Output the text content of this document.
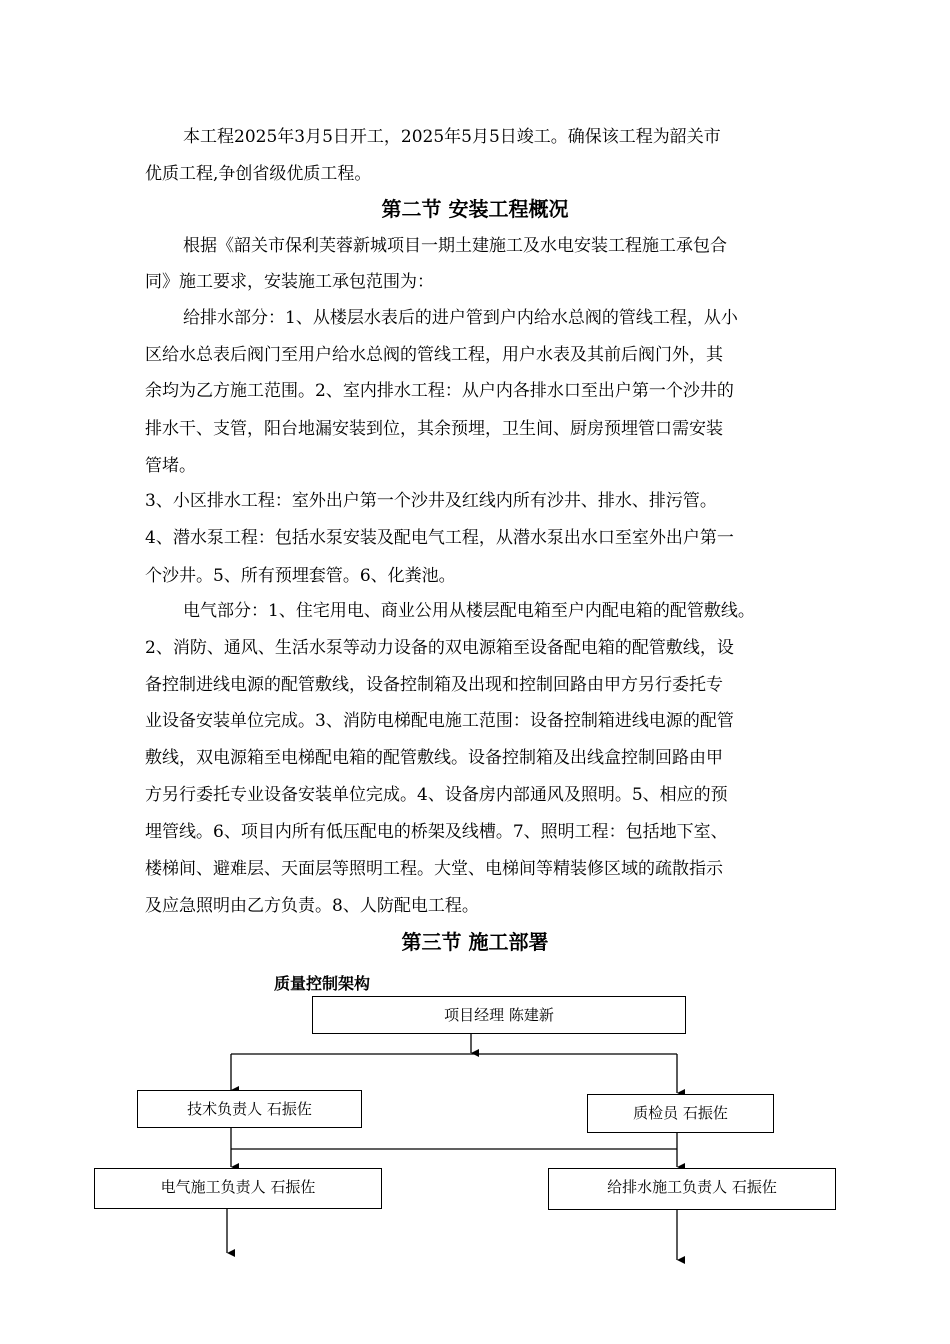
本工程2025年3月5日开工，2025年5月5日竣工。确保该工程为韶关市
优质工程,争创省级优质工程。
第二节 安装工程概况
根据《韶关市保利芙蓉新城项目一期土建施工及水电安装工程施工承包合
同》施工要求，安装施工承包范围为：
给排水部分：1、从楼层水表后的进户管到户内给水总阀的管线工程，从小
区给水总表后阀门至用户给水总阀的管线工程，用户水表及其前后阀门外，其
余均为乙方施工范围。2、室内排水工程：从户内各排水口至出户第一个沙井的
排水干、支管，阳台地漏安装到位，其余预埋，卫生间、厨房预埋管口需安装
管堵。
3、小区排水工程：室外出户第一个沙井及红线内所有沙井、排水、排污管。
4、潜水泵工程：包括水泵安装及配电气工程，从潜水泵出水口至室外出户第一
个沙井。5、所有预埋套管。6、化粪池。
电气部分：1、住宅用电、商业公用从楼层配电箱至户内配电箱的配管敷线。
2、消防、通风、生活水泵等动力设备的双电源箱至设备配电箱的配管敷线，设
备控制进线电源的配管敷线，设备控制箱及出现和控制回路由甲方另行委托专
业设备安装单位完成。3、消防电梯配电施工范围：设备控制箱进线电源的配管
敷线，双电源箱至电梯配电箱的配管敷线。设备控制箱及出线盒控制回路由甲
方另行委托专业设备安装单位完成。4、设备房内部通风及照明。5、相应的预
埋管线。6、项目内所有低压配电的桥架及线槽。7、照明工程：包括地下室、
楼梯间、避难层、天面层等照明工程。大堂、电梯间等精装修区域的疏散指示
及应急照明由乙方负责。8、人防配电工程。
第三节 施工部署
质量控制架构
项目经理 陈建新
技术负责人 石振佐	质检员 石振佐
电气施工负责人 石振佐	给排水施工负责人 石振佐
